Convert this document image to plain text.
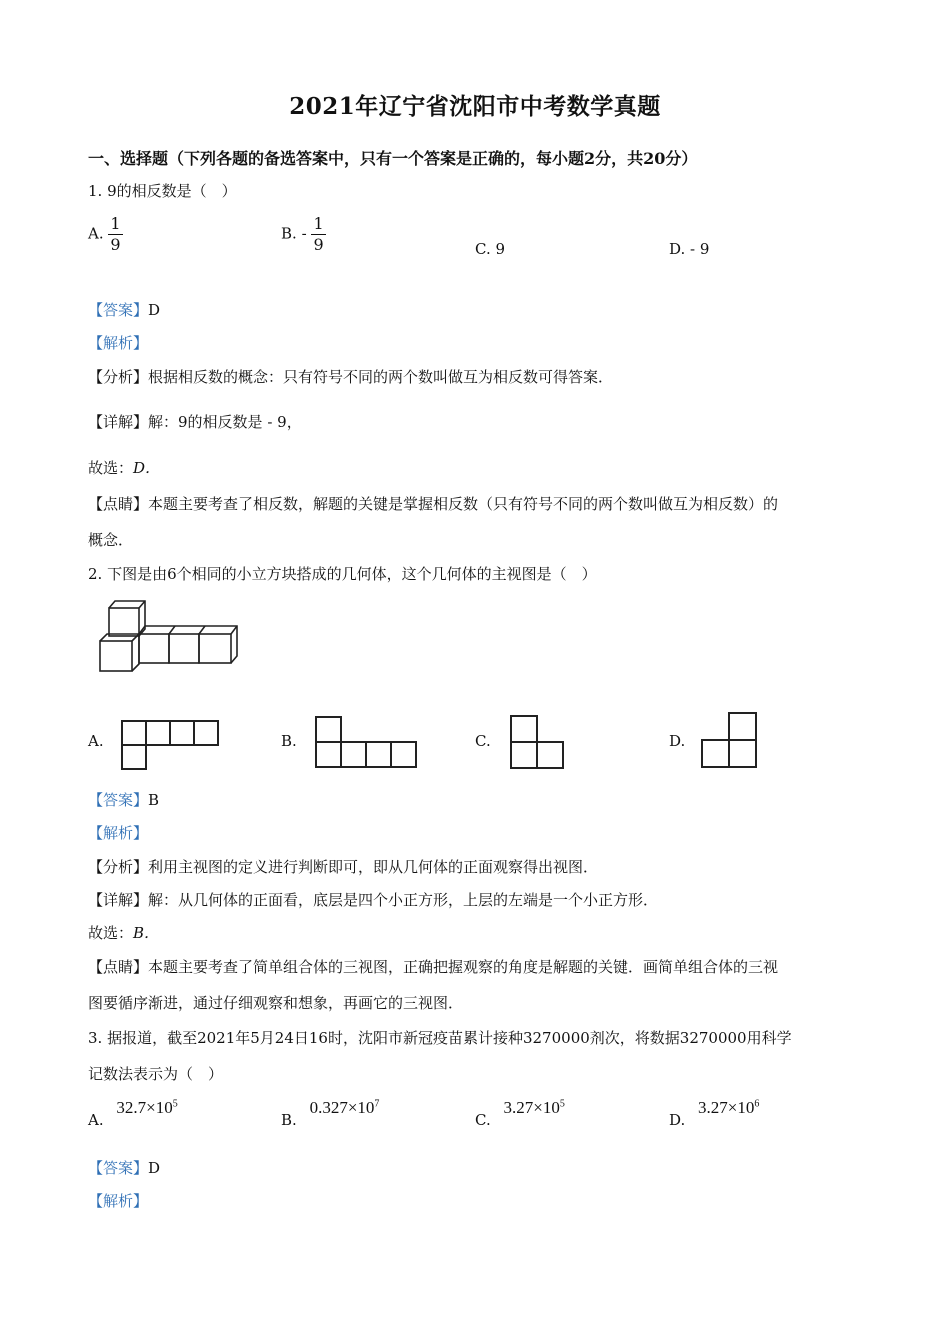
2021年辽宁省沈阳市中考数学真题
一、选择题（下列各题的备选答案中，只有一个答案是正确的，每小题2分，共20分）
1. 9的相反数是（　）
A. $\frac{1}{9}$	B. - $\frac{1}{9}$	C. 9	D. - 9
【答案】D
【解析】
【分析】根据相反数的概念：只有符号不同的两个数叫做互为相反数可得答案．
【详解】解：9的相反数是 - 9，
故选：D．
【点睛】本题主要考查了相反数，解题的关键是掌握相反数（只有符号不同的两个数叫做互为相反数）的
概念．
2. 下图是由6个相同的小立方块搭成的几何体，这个几何体的主视图是（　）
A.	B.	C.	D.
【答案】B
【解析】
【分析】利用主视图的定义进行判断即可，即从几何体的正面观察得出视图．
【详解】解：从几何体的正面看，底层是四个小正方形，上层的左端是一个小正方形．
故选：B．
【点睛】本题主要考查了简单组合体的三视图，正确把握观察的角度是解题的关键．画简单组合体的三视
图要循序渐进，通过仔细观察和想象，再画它的三视图．
3. 据报道，截至2021年5月24日16时，沈阳市新冠疫苗累计接种3270000剂次，将数据3270000用科学
记数法表示为（　）
A. $32.7\times 10^5$
B. $0.327\times 10^7$
C. $3.27\times 10^5$
D. $3.27\times 10^6$
【答案】D
【解析】
